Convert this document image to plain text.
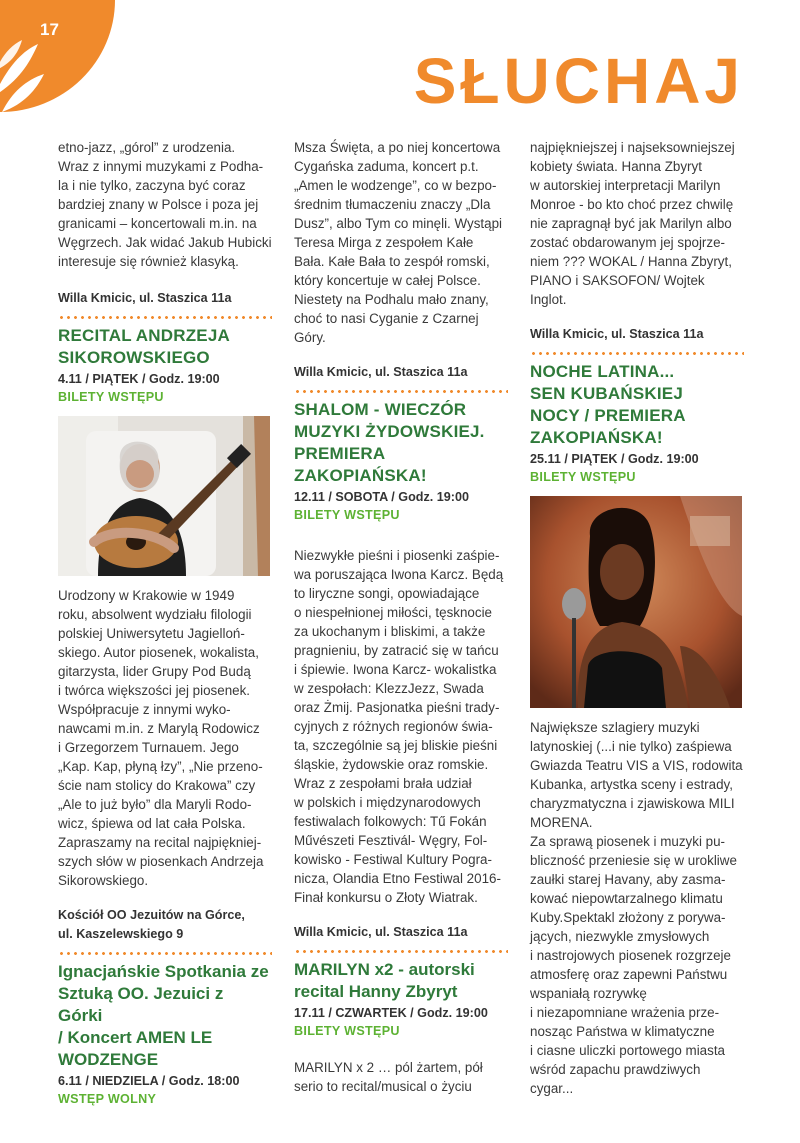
17
SŁUCHAJ

etno-jazz, „górol” z urodzenia.
Wraz z innymi muzykami z Podha-
la i nie tylko, zaczyna być coraz
bardziej znany w Polsce i poza jej
granicami – koncertowali m.in. na
Węgrzech. Jak widać Jakub Hubicki
interesuje się również klasyką.

Willa Kmicic, ul. Staszica 11a
RECITAL ANDRZEJA
SIKOROWSKIEGO
4.11 / PIĄTEK / Godz. 19:00
BILETY WSTĘPU

Urodzony w Krakowie w 1949
roku, absolwent wydziału filologii
polskiej Uniwersytetu Jagielloń-
skiego. Autor piosenek, wokalista,
gitarzysta, lider Grupy Pod Budą
i twórca większości jej piosenek.
Współpracuje z innymi wyko-
nawcami m.in. z Marylą Rodowicz
i Grzegorzem Turnauem. Jego
„Kap. Kap, płyną łzy”, „Nie przeno-
ście nam stolicy do Krakowa” czy
„Ale to już było” dla Maryli Rodo-
wicz, śpiewa od lat cała Polska.
Zapraszamy na recital najpiękniej-
szych słów w piosenkach Andrzeja
Sikorowskiego.

Kościół OO Jezuitów na Górce,
ul. Kaszelewskiego 9
Ignacjańskie Spotkania ze
Sztuką OO. Jezuici z Górki
/ Koncert AMEN LE
WODZENGE
6.11 / NIEDZIELA / Godz. 18:00
WSTĘP WOLNY

Msza Święta, a po niej koncertowa
Cygańska zaduma, koncert p.t.
„Amen le wodzenge”, co w bezpo-
średnim tłumaczeniu znaczy „Dla
Dusz”, albo Tym co minęli. Wystąpi
Teresa Mirga z zespołem Kałe
Bała. Kałe Bała to zespół romski,
który koncertuje w całej Polsce.
Niestety na Podhalu mało znany,
choć to nasi Cyganie z Czarnej
Góry.

Willa Kmicic, ul. Staszica 11a
SHALOM - WIECZÓR
MUZYKI ŻYDOWSKIEJ.
PREMIERA
ZAKOPIAŃSKA!
12.11 / SOBOTA / Godz. 19:00
BILETY WSTĘPU

Niezwykłe pieśni i piosenki zaśpie-
wa poruszająca Iwona Karcz. Będą
to liryczne songi, opowiadające
o niespełnionej miłości, tęsknocie
za ukochanym i bliskimi, a także
pragnieniu, by zatracić się w tańcu
i śpiewie. Iwona Karcz- wokalistka
w zespołach: KlezzJezz, Swada
oraz Żmij. Pasjonatka pieśni trady-
cyjnych z różnych regionów świa-
ta, szczególnie są jej bliskie pieśni
śląskie, żydowskie oraz romskie.
Wraz z zespołami brała udział
w polskich i międzynarodowych
festiwalach folkowych: Tű Fokán
Művészeti Fesztivál- Węgry, Fol-
kowisko - Festiwal Kultury Pogra-
nicza, Olandia Etno Festiwal 2016-
Finał konkursu o Złoty Wiatrak.

Willa Kmicic, ul. Staszica 11a
MARILYN x2 - autorski
recital Hanny Zbyryt
17.11 / CZWARTEK / Godz. 19:00
BILETY WSTĘPU

MARILYN x 2 … pól żartem, pół
serio to recital/musical o życiu

najpiękniejszej i najseksowniejszej
kobiety świata. Hanna Zbyryt
w autorskiej interpretacji Marilyn
Monroe - bo kto choć przez chwilę
nie zapragnął być jak Marilyn albo
zostać obdarowanym jej spojrze-
niem ??? WOKAL / Hanna Zbyryt,
PIANO i SAKSOFON/ Wojtek
Inglot.

Willa Kmicic, ul. Staszica 11a
NOCHE LATINA...
SEN KUBAŃSKIEJ
NOCY / PREMIERA
ZAKOPIAŃSKA!
25.11 / PIĄTEK / Godz. 19:00
BILETY WSTĘPU

Największe szlagiery muzyki
latynoskiej (...i nie tylko) zaśpiewa
Gwiazda Teatru VIS a VIS, rodowita
Kubanka, artystka sceny i estrady,
charyzmatyczna i zjawiskowa MILI
MORENA.
Za sprawą piosenek i muzyki pu-
bliczność przeniesie się w urokliwe
zaułki starej Havany, aby zasma-
kować niepowtarzalnego klimatu
Kuby.Spektakl złożony z porywa-
jących, niezwykle zmysłowych
i nastrojowych piosenek rozgrzeje
atmosferę oraz zapewni Państwu
wspaniałą rozrywkę
i niezapomniane wrażenia prze-
nosząc Państwa w klimatyczne
i ciasne uliczki portowego miasta
wśród zapachu prawdziwych
cygar...
